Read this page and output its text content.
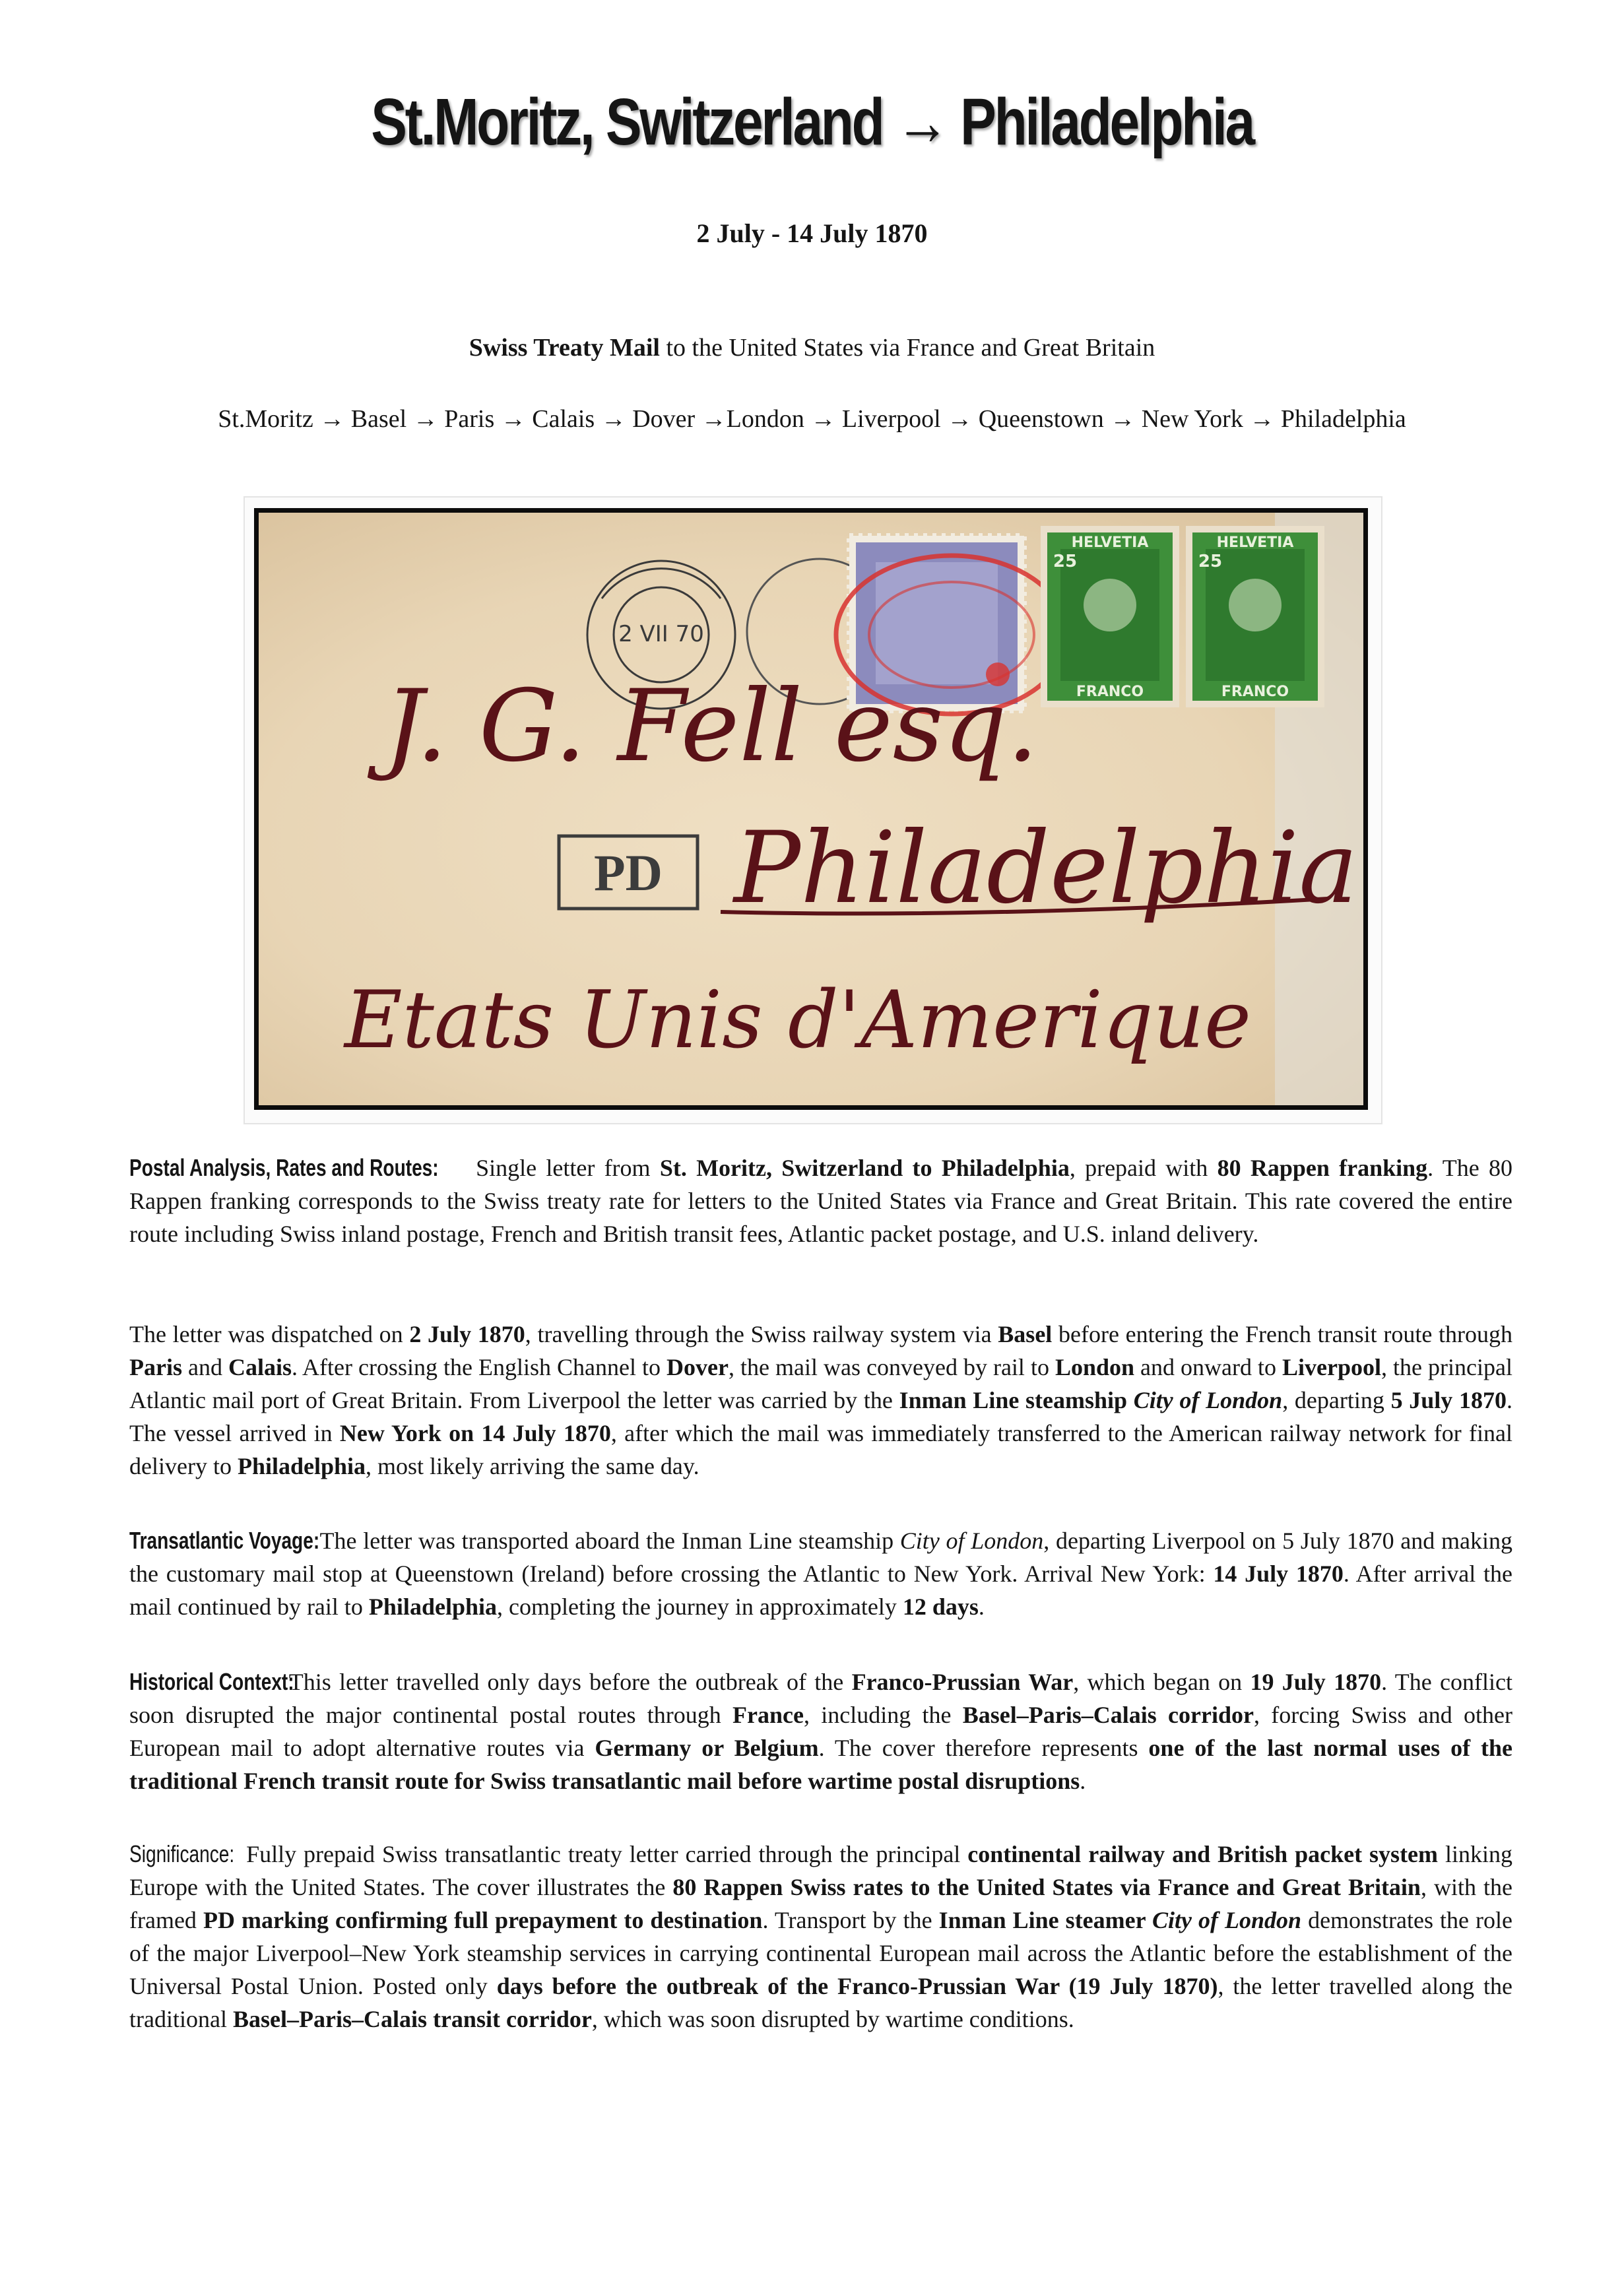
St.Moritz, Switzerland → Philadelphia
2 July - 14 July 1870
Swiss Treaty Mail to the United States via France and Great Britain
St.Moritz → Basel → Paris → Calais → Dover →London → Liverpool → Queenstown → New York → Philadelphia
2 VII 70
HELVETIA
FRANCO
25
HELVETIA
FRANCO
25
PD
J. G. Fell esq.
Philadelphia
Etats Unis d'Amerique
Postal Analysis, Rates and Routes: Single letter from St. Moritz, Switzerland to Philadelphia, prepaid with 80 Rappen franking. The 80 Rappen franking corresponds to the Swiss treaty rate for letters to the United States via France and Great Britain. This rate covered the entire route including Swiss inland postage, French and British transit fees, Atlantic packet postage, and U.S. inland delivery.
The letter was dispatched on 2 July 1870, travelling through the Swiss railway system via Basel before entering the French transit route through Paris and Calais. After crossing the English Channel to Dover, the mail was conveyed by rail to London and onward to Liverpool, the principal Atlantic mail port of Great Britain. From Liverpool the letter was carried by the Inman Line steamship City of London, departing 5 July 1870. The vessel arrived in New York on 14 July 1870, after which the mail was immediately transferred to the American railway network for final delivery to Philadelphia, most likely arriving the same day.
Transatlantic Voyage: The letter was transported aboard the Inman Line steamship City of London, departing Liverpool on 5 July 1870 and making the customary mail stop at Queenstown (Ireland) before crossing the Atlantic to New York. Arrival New York: 14 July 1870. After arrival the mail continued by rail to Philadelphia, completing the journey in approximately 12 days.
Historical Context: This letter travelled only days before the outbreak of the Franco-Prussian War, which began on 19 July 1870. The conflict soon disrupted the major continental postal routes through France, including the Basel–Paris–Calais corridor, forcing Swiss and other European mail to adopt alternative routes via Germany or Belgium. The cover therefore represents one of the last normal uses of the traditional French transit route for Swiss transatlantic mail before wartime postal disruptions.
Significance: Fully prepaid Swiss transatlantic treaty letter carried through the principal continental railway and British packet system linking Europe with the United States. The cover illustrates the 80 Rappen Swiss rates to the United States via France and Great Britain, with the framed PD marking confirming full prepayment to destination. Transport by the Inman Line steamer City of London demonstrates the role of the major Liverpool–New York steamship services in carrying continental European mail across the Atlantic before the establishment of the Universal Postal Union. Posted only days before the outbreak of the Franco-Prussian War (19 July 1870), the letter travelled along the traditional Basel–Paris–Calais transit corridor, which was soon disrupted by wartime conditions.
